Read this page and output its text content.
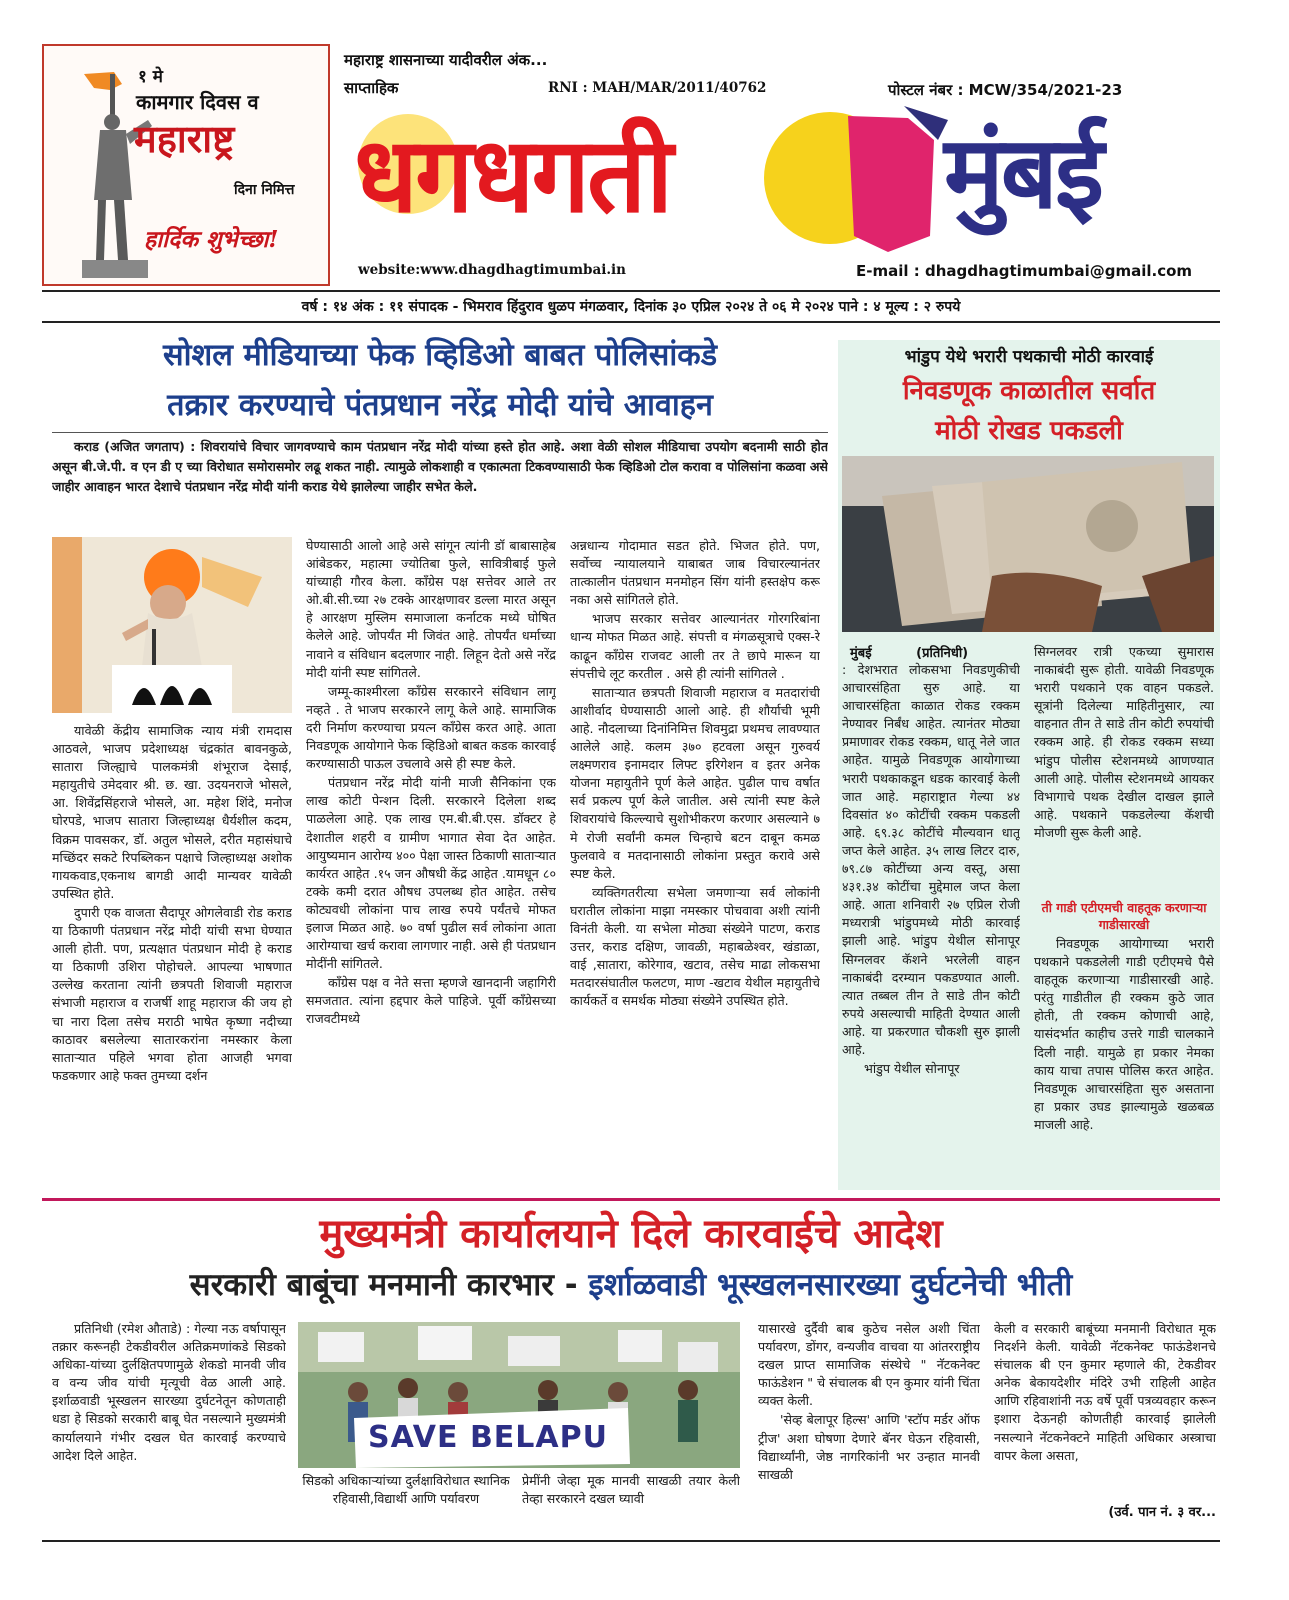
१ मे
कामगार दिवस व
महाराष्ट्र
दिना निमित्त
हार्दिक शुभेच्छा!
महाराष्ट्र शासनाच्या यादीवरील अंक...
साप्ताहिक	RNI : MAH/MAR/2011/40762	पोस्टल नंबर : MCW/354/2021-23
धगधगती	मुंबई
website:www.dhagdhagtimumbai.in	E-mail : dhagdhagtimumbai@gmail.com
वर्ष : १४ अंक : ११ संपादक - भिमराव हिंदुराव धुळप मंगळवार, दिनांक ३० एप्रिल २०२४ ते ०६ मे २०२४ पाने : ४ मूल्य : २ रुपये
सोशल मीडियाच्या फेक व्हिडिओ बाबत पोलिसांकडे
तक्रार करण्याचे पंतप्रधान नरेंद्र मोदी यांचे आवाहन

कराड (अजित जगताप) : शिवरायांचे विचार जागवण्याचे काम पंतप्रधान नरेंद्र मोदी यांच्या हस्ते होत आहे. अशा वेळी सोशल मीडियाचा उपयोग बदनामी साठी होत असून बी.जे.पी. व एन डी ए च्या विरोधात समोरासमोर लढू शकत नाही. त्यामुळे लोकशाही व एकात्मता टिकवण्यासाठी फेक व्हिडिओ टोल करावा व पोलिसांना कळवा असे जाहीर आवाहन भारत देशाचे पंतप्रधान नरेंद्र मोदी यांनी कराड येथे झालेल्या जाहीर सभेत केले.

यावेळी केंद्रीय सामाजिक न्याय मंत्री रामदास आठवले, भाजप प्रदेशाध्यक्ष चंद्रकांत बावनकुळे, सातारा जिल्ह्याचे पालकमंत्री शंभूराज देसाई, महायुतीचे उमेदवार श्री. छ. खा. उदयनराजे भोसले, आ. शिवेंद्रसिंहराजे भोसले, आ. महेश शिंदे, मनोज घोरपडे, भाजप सातारा जिल्हाध्यक्ष धैर्यशील कदम, विक्रम पावसकर, डॉ. अतुल भोसले, दरीत महासंघाचे मच्छिंदर सकटे रिपब्लिकन पक्षाचे जिल्हाध्यक्ष अशोक गायकवाड,एकनाथ बागडी आदी मान्यवर यावेळी उपस्थित होते.

दुपारी एक वाजता सैदापूर ओगलेवाडी रोड कराड या ठिकाणी पंतप्रधान नरेंद्र मोदी यांची सभा घेण्यात आली होती. पण, प्रत्यक्षात पंतप्रधान मोदी हे कराड या ठिकाणी उशिरा पोहोचले. आपल्या भाषणात उल्लेख करताना त्यांनी छत्रपती शिवाजी महाराज संभाजी महाराज व राजर्षी शाहू महाराज की जय हो चा नारा दिला तसेच मराठी भाषेत कृष्णा नदीच्या काठावर बसलेल्या सातारकरांना नमस्कार केला साताऱ्यात पहिले भगवा होता आजही भगवा फडकणार आहे फक्त तुमच्या दर्शन

घेण्यासाठी आलो आहे असे सांगून त्यांनी डॉ बाबासाहेब आंबेडकर, महात्मा ज्योतिबा फुले, सावित्रीबाई फुले यांच्याही गौरव केला. काँग्रेस पक्ष सत्तेवर आले तर ओ.बी.सी.च्या २७ टक्के आरक्षणावर डल्ला मारत असून हे आरक्षण मुस्लिम समाजाला कर्नाटक मध्ये घोषित केलेले आहे. जोपर्यंत मी जिवंत आहे. तोपर्यंत धर्माच्या नावाने व संविधान बदलणार नाही. लिहून देतो असे नरेंद्र मोदी यांनी स्पष्ट सांगितले.

जम्मू-काश्मीरला काँग्रेस सरकारने संविधान लागू नव्हते . ते भाजप सरकारने लागू केले आहे. सामाजिक दरी निर्माण करण्याचा प्रयत्न काँग्रेस करत आहे. आता निवडणूक आयोगाने फेक व्हिडिओ बाबत कडक कारवाई करण्यासाठी पाऊल उचलावे असे ही स्पष्ट केले.

पंतप्रधान नरेंद्र मोदी यांनी माजी सैनिकांना एक लाख कोटी पेन्शन दिली. सरकारने दिलेला शब्द पाळलेला आहे. एक लाख एम.बी.बी.एस. डॉक्टर हे देशातील शहरी व ग्रामीण भागात सेवा देत आहेत. आयुष्यमान आरोग्य ४०० पेक्षा जास्त ठिकाणी साताऱ्यात कार्यरत आहेत .१५ जन औषधी केंद्र आहेत .यामधून ८० टक्के कमी दरात औषध उपलब्ध होत आहेत. तसेच कोट्यवधी लोकांना पाच लाख रुपये पर्यंतचे मोफत इलाज मिळत आहे. ७० वर्षा पुढील सर्व लोकांना आता आरोग्याचा खर्च करावा लागणार नाही. असे ही पंतप्रधान मोदींनी सांगितले.

काँग्रेस पक्ष व नेते सत्ता म्हणजे खानदानी जहागिरी समजतात. त्यांना हद्दपार केले पाहिजे. पूर्वी काँग्रेसच्या राजवटीमध्ये

अन्नधान्य गोदामात सडत होते. भिजत होते. पण, सर्वोच्च न्यायालयाने याबाबत जाब विचारल्यानंतर तात्कालीन पंतप्रधान मनमोहन सिंग यांनी हस्तक्षेप करू नका असे सांगितले होते.

भाजप सरकार सत्तेवर आल्यानंतर गोरगरिबांना धान्य मोफत मिळत आहे. संपत्ती व मंगळसूत्राचे एक्स-रे काढून काँग्रेस राजवट आली तर ते छापे मारून या संपत्तीचे लूट करतील . असे ही त्यांनी सांगितले .

साताऱ्यात छत्रपती शिवाजी महाराज व मतदारांची आशीर्वाद घेण्यासाठी आलो आहे. ही शौर्याची भूमी आहे. नौदलाच्या दिनांनिमित्त शिवमुद्रा प्रथमच लावण्यात आलेले आहे. कलम ३७० हटवला असून गुरुवर्य लक्ष्मणराव इनामदार लिफ्ट इरिगेशन व इतर अनेक योजना महायुतीने पूर्ण केले आहेत. पुढील पाच वर्षात सर्व प्रकल्प पूर्ण केले जातील. असे त्यांनी स्पष्ट केले शिवरायांचे किल्ल्याचे सुशोभीकरण करणार असल्याने ७ मे रोजी सर्वांनी कमल चिन्हाचे बटन दाबून कमळ फुलवावे व मतदानासाठी लोकांना प्रस्तुत करावे असे स्पष्ट केले.

व्यक्तिगतरीत्या सभेला जमणाऱ्या सर्व लोकांनी घरातील लोकांना माझा नमस्कार पोचवावा अशी त्यांनी विनंती केली. या सभेला मोठ्या संख्येने पाटण, कराड उत्तर, कराड दक्षिण, जावळी, महाबळेश्वर, खंडाळा, वाई ,सातारा, कोरेगाव, खटाव, तसेच माढा लोकसभा मतदारसंघातील फलटण, माण -खटाव येथील महायुतीचे कार्यकर्ते व समर्थक मोठ्या संख्येने उपस्थित होते.

भांडुप येथे भरारी पथकाची मोठी कारवाई
निवडणूक काळातील सर्वात
मोठी रोखड पकडली
मुंबई	(प्रतिनिधी)

: देशभरात लोकसभा निवडणुकीची आचारसंहिता सुरु आहे. या आचारसंहिता काळात रोकड रक्कम नेण्यावर निर्बंध आहेत. त्यानंतर मोठ्या प्रमाणावर रोकड रक्कम, धातू नेले जात आहेत. यामुळे निवडणूक आयोगाच्या भरारी पथकाकडून धडक कारवाई केली जात आहे. महाराष्ट्रात गेल्या ४४ दिवसांत ४० कोटींची रक्कम पकडली आहे. ६९.३८ कोटींचे मौल्यवान धातू जप्त केले आहेत. ३५ लाख लिटर दारु, ७९.८७ कोटींच्या अन्य वस्तू, असा ४३१.३४ कोटींचा मुद्देमाल जप्त केला आहे. आता शनिवारी २७ एप्रिल रोजी मध्यरात्री भांडुपमध्ये मोठी कारवाई झाली आहे. भांडुप येथील सोनापूर सिग्नलवर कॅशने भरलेली वाहन नाकाबंदी दरम्यान पकडण्यात आली. त्यात तब्बल तीन ते साडे तीन कोटी रुपये असल्याची माहिती देण्यात आली आहे. या प्रकरणात चौकशी सुरु झाली आहे.

भांडुप येथील सोनापूर

सिग्नलवर रात्री एकच्या सुमारास नाकाबंदी सुरू होती. यावेळी निवडणूक भरारी पथकाने एक वाहन पकडले. सूत्रांनी दिलेल्या माहितीनुसार, त्या वाहनात तीन ते साडे तीन कोटी रुपयांची रक्कम आहे. ही रोकड रक्कम सध्या भांडुप पोलीस स्टेशनमध्ये आणण्यात आली आहे. पोलीस स्टेशनमध्ये आयकर विभागाचे पथक देखील दाखल झाले आहे. पथकाने पकडलेल्या कॅशची मोजणी सुरू केली आहे.

ती गाडी एटीएमची वाहतूक करणाऱ्या गाडीसारखी

निवडणूक आयोगाच्या भरारी पथकाने पकडलेली गाडी एटीएमचे पैसे वाहतूक करणाऱ्या गाडीसारखी आहे. परंतु गाडीतील ही रक्कम कुठे जात होती, ती रक्कम कोणाची आहे, यासंदर्भात काहीच उत्तरे गाडी चालकाने दिली नाही. यामुळे हा प्रकार नेमका काय याचा तपास पोलिस करत आहेत. निवडणूक आचारसंहिता सुरु असताना हा प्रकार उघड झाल्यामुळे खळबळ माजली आहे.

मुख्यमंत्री कार्यालयाने दिले कारवाईचे आदेश
सरकारी बाबूंचा मनमानी कारभार - इर्शाळवाडी भूस्खलनसारख्या दुर्घटनेची भीती

प्रतिनिधी (रमेश औताडे) : गेल्या नऊ वर्षापासून तक्रार करूनही टेकडीवरील अतिक्रमणांकडे सिडको अधिका-यांच्या दुर्लक्षितपणामुळे शेकडो मानवी जीव व वन्य जीव यांची मृत्यूची वेळ आली आहे. इर्शाळवाडी भूस्खलन सारख्या दुर्घटनेतून कोणताही धडा हे सिडको सरकारी बाबू घेत नसल्याने मुख्यमंत्री कार्यालयाने गंभीर दखल घेत कारवाई करण्याचे आदेश दिले आहेत.

SAVE BELAPU

सिडको अधिकाऱ्यांच्या दुर्लक्षाविरोधात स्थानिक रहिवासी,विद्यार्थी आणि पर्यावरण

प्रेमींनी जेव्हा मूक मानवी साखळी तयार केली तेव्हा सरकारने दखल घ्यावी

यासारखे दुर्दैवी बाब कुठेच नसेल अशी चिंता पर्यावरण, डोंगर, वन्यजीव वाचवा या आंतरराष्ट्रीय दखल प्राप्त सामाजिक संस्थेचे " नॅटकनेक्ट फाऊंडेशन " चे संचालक बी एन कुमार यांनी चिंता व्यक्त केली.

'सेव्ह बेलापूर हिल्स' आणि 'स्टॉप मर्डर ऑफ ट्रीज' अशा घोषणा देणारे बॅनर घेऊन रहिवासी, विद्यार्थ्यांनी, जेष्ठ नागरिकांनी भर उन्हात मानवी साखळी

केली व सरकारी बाबूंच्या मनमानी विरोधात मूक निदर्शने केली. यावेळी नॅटकनेक्ट फाऊंडेशनचे संचालक बी एन कुमार म्हणाले की, टेकडीवर अनेक बेकायदेशीर मंदिरे उभी राहिली आहेत आणि रहिवाशांनी नऊ वर्षे पूर्वी पत्रव्यवहार करून इशारा देऊनही कोणतीही कारवाई झालेली नसल्याने नॅटकनेक्टने माहिती अधिकार अस्त्राचा वापर केला असता,

(उर्व. पान नं. ३ वर...
